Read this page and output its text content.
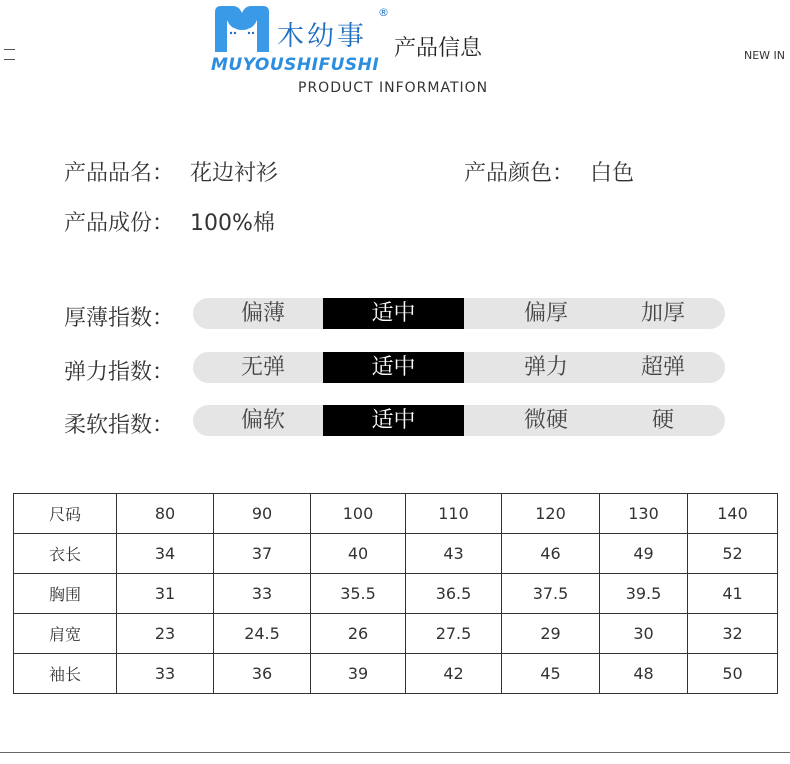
木幼事
®
MUYOUSHIFUSHI
产品信息
PRODUCT INFORMATION
NEW IN
产品品名： 花边衬衫	产品颜色： 白色
产品成份： 100%棉
厚薄指数：	偏薄	适中	偏厚	加厚
弹力指数：	无弹	适中	弹力	超弹
柔软指数：	偏软	适中	微硬	硬
尺码	80	90	100	110	120	130	140
衣长	34	37	40	43	46	49	52
胸围	31	33	35.5	36.5	37.5	39.5	41
肩宽	23	24.5	26	27.5	29	30	32
袖长	33	36	39	42	45	48	50
